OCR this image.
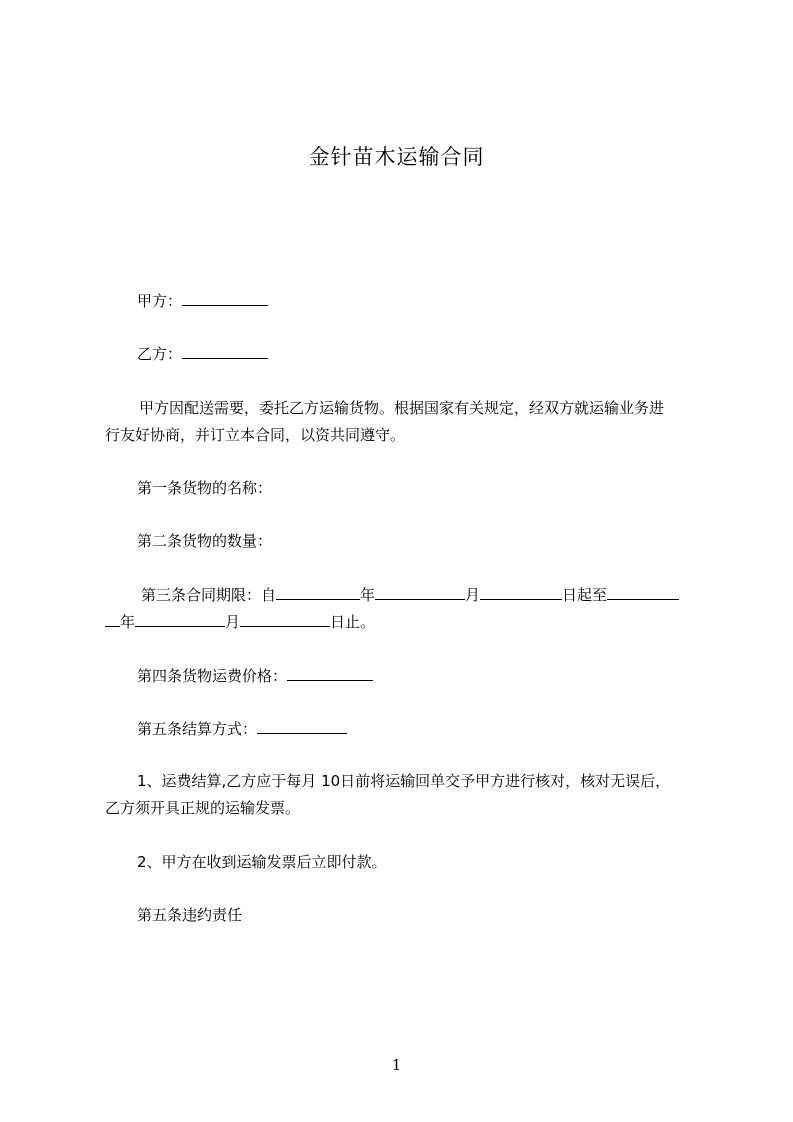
金针苗木运输合同
甲方：
乙方：
甲方因配送需要，委托乙方运输货物。根据国家有关规定，经双方就运输业务进
行友好协商，并订立本合同，以资共同遵守。
第一条货物的名称：
第二条货物的数量：
第三条合同期限：自	年	月	日起至
年	月	日止。
第四条货物运费价格：
第五条结算方式：
1、运费结算,乙方应于每月 10日前将运输回单交予甲方进行核对，核对无误后，
乙方须开具正规的运输发票。
2、甲方在收到运输发票后立即付款。
第五条违约责任
1
